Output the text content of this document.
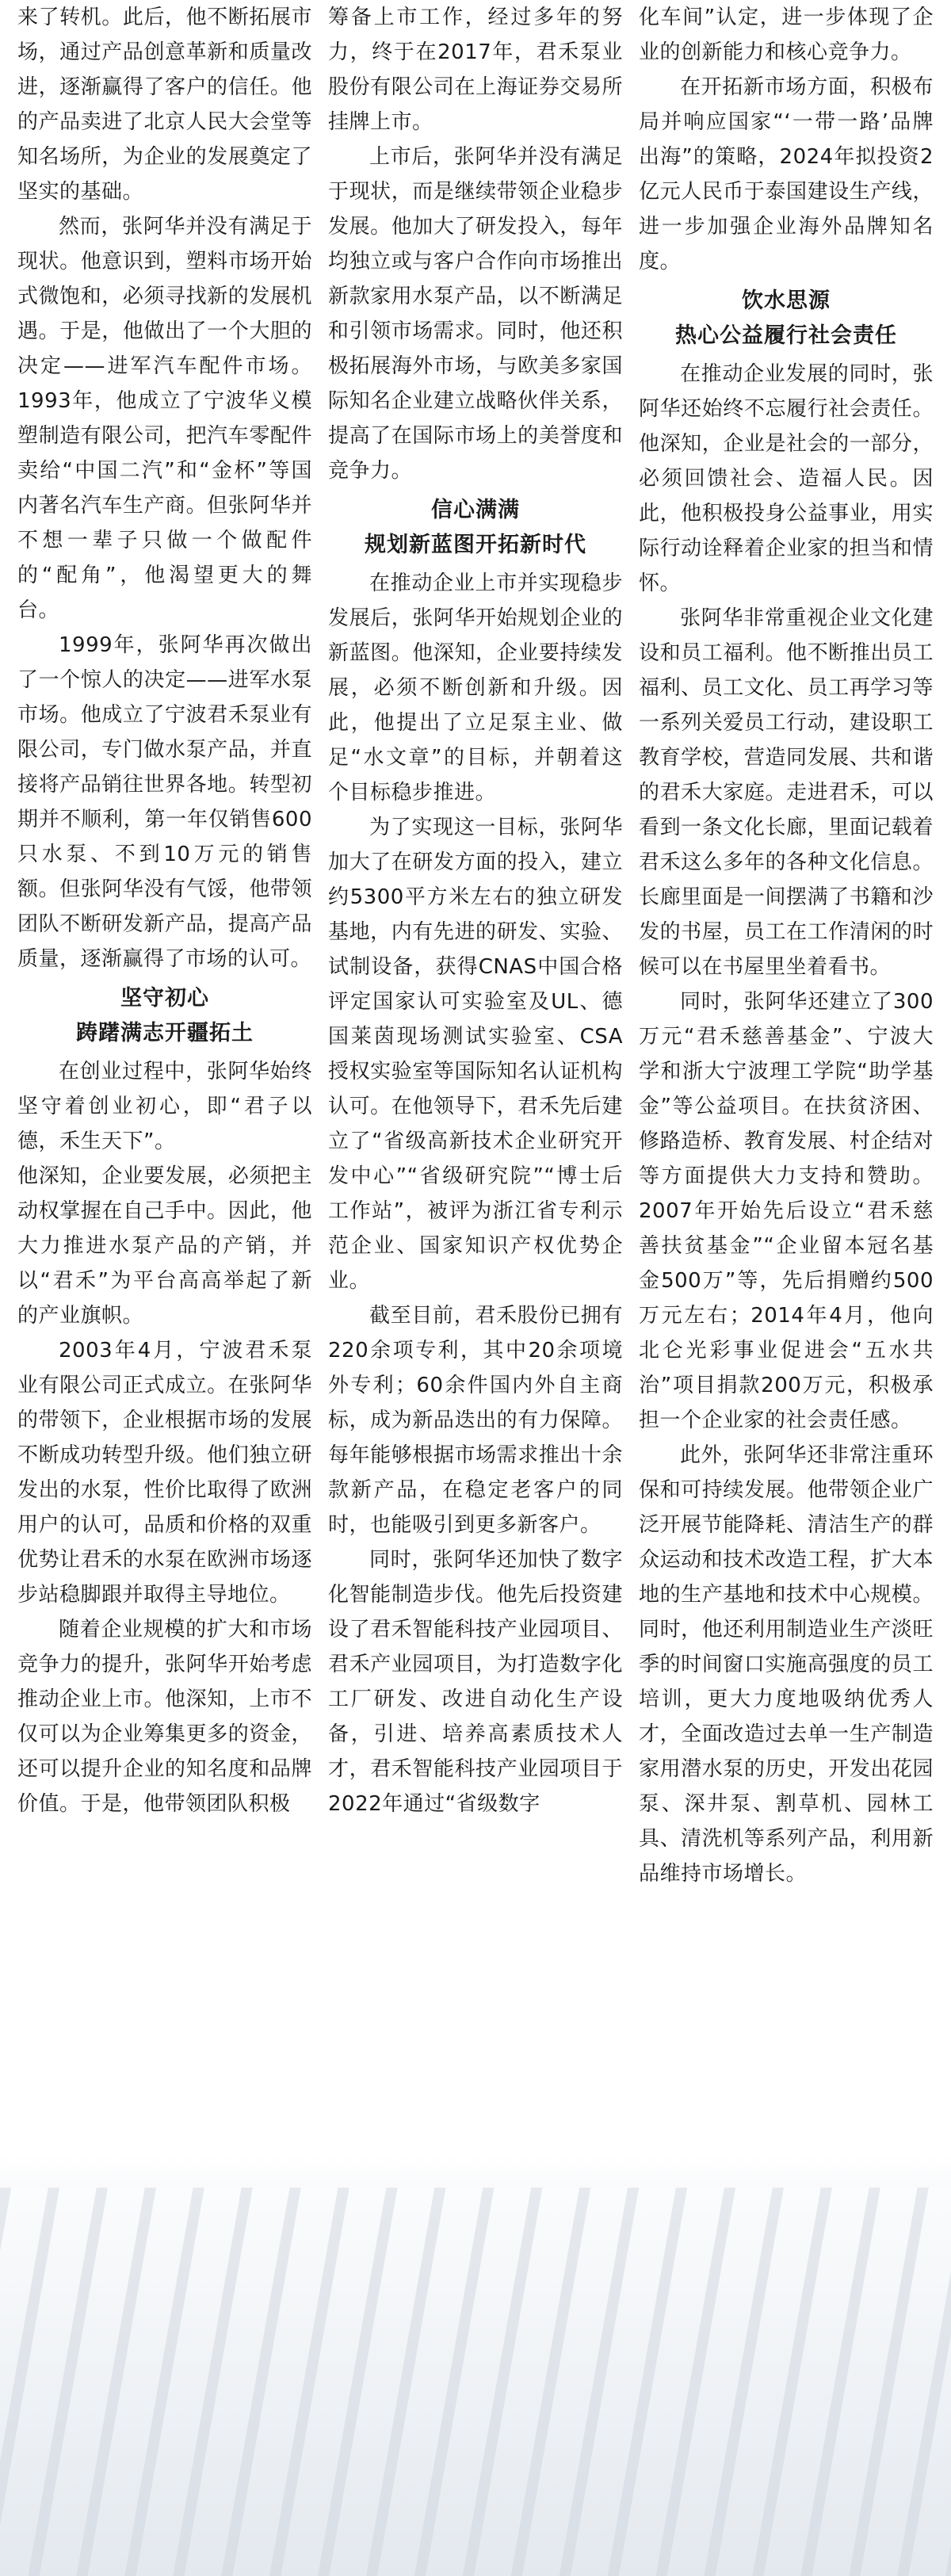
来了转机。此后，他不断拓展市场，通过产品创意革新和质量改进，逐渐赢得了客户的信任。他的产品卖进了北京人民大会堂等知名场所，为企业的发展奠定了坚实的基础。

然而，张阿华并没有满足于现状。他意识到，塑料市场开始式微饱和，必须寻找新的发展机遇。于是，他做出了一个大胆的决定——进军汽车配件市场。1993年，他成立了宁波华义模塑制造有限公司，把汽车零配件卖给“中国二汽”和“金杯”等国内著名汽车生产商。但张阿华并不想一辈子只做一个做配件的“配角”，他渴望更大的舞台。

1999年，张阿华再次做出了一个惊人的决定——进军水泵市场。他成立了宁波君禾泵业有限公司，专门做水泵产品，并直接将产品销往世界各地。转型初期并不顺利，第一年仅销售600只水泵、不到10万元的销售额。但张阿华没有气馁，他带领团队不断研发新产品，提高产品质量，逐渐赢得了市场的认可。

坚守初心
踌躇满志开疆拓土

在创业过程中，张阿华始终坚守着创业初心，即“君子以德，禾生天下”。

他深知，企业要发展，必须把主动权掌握在自己手中。因此，他大力推进水泵产品的产销，并以“君禾”为平台高高举起了新的产业旗帜。

2003年4月，宁波君禾泵业有限公司正式成立。在张阿华的带领下，企业根据市场的发展不断成功转型升级。他们独立研发出的水泵，性价比取得了欧洲用户的认可，品质和价格的双重优势让君禾的水泵在欧洲市场逐步站稳脚跟并取得主导地位。

随着企业规模的扩大和市场竞争力的提升，张阿华开始考虑推动企业上市。他深知，上市不仅可以为企业筹集更多的资金，还可以提升企业的知名度和品牌价值。于是，他带领团队积极

筹备上市工作，经过多年的努力，终于在2017年，君禾泵业股份有限公司在上海证券交易所挂牌上市。

上市后，张阿华并没有满足于现状，而是继续带领企业稳步发展。他加大了研发投入，每年均独立或与客户合作向市场推出新款家用水泵产品，以不断满足和引领市场需求。同时，他还积极拓展海外市场，与欧美多家国际知名企业建立战略伙伴关系，提高了在国际市场上的美誉度和竞争力。

信心满满
规划新蓝图开拓新时代

在推动企业上市并实现稳步发展后，张阿华开始规划企业的新蓝图。他深知，企业要持续发展，必须不断创新和升级。因此，他提出了立足泵主业、做足“水文章”的目标，并朝着这个目标稳步推进。

为了实现这一目标，张阿华加大了在研发方面的投入，建立约5300平方米左右的独立研发基地，内有先进的研发、实验、试制设备，获得CNAS中国合格评定国家认可实验室及UL、德国莱茵现场测试实验室、CSA授权实验室等国际知名认证机构认可。在他领导下，君禾先后建立了“省级高新技术企业研究开发中心”“省级研究院”“博士后工作站”，被评为浙江省专利示范企业、国家知识产权优势企业。

截至目前，君禾股份已拥有220余项专利，其中20余项境外专利；60余件国内外自主商标，成为新品迭出的有力保障。每年能够根据市场需求推出十余款新产品，在稳定老客户的同时，也能吸引到更多新客户。

同时，张阿华还加快了数字化智能制造步伐。他先后投资建设了君禾智能科技产业园项目、君禾产业园项目，为打造数字化工厂研发、改进自动化生产设备，引进、培养高素质技术人才，君禾智能科技产业园项目于2022年通过“省级数字

化车间”认定，进一步体现了企业的创新能力和核心竞争力。

在开拓新市场方面，积极布局并响应国家“‘一带一路’品牌出海”的策略，2024年拟投资2亿元人民币于泰国建设生产线，进一步加强企业海外品牌知名度。

饮水思源
热心公益履行社会责任

在推动企业发展的同时，张阿华还始终不忘履行社会责任。他深知，企业是社会的一部分，必须回馈社会、造福人民。因此，他积极投身公益事业，用实际行动诠释着企业家的担当和情怀。

张阿华非常重视企业文化建设和员工福利。他不断推出员工福利、员工文化、员工再学习等一系列关爱员工行动，建设职工教育学校，营造同发展、共和谐的君禾大家庭。走进君禾，可以看到一条文化长廊，里面记载着君禾这么多年的各种文化信息。长廊里面是一间摆满了书籍和沙发的书屋，员工在工作清闲的时候可以在书屋里坐着看书。

同时，张阿华还建立了300万元“君禾慈善基金”、宁波大学和浙大宁波理工学院“助学基金”等公益项目。在扶贫济困、修路造桥、教育发展、村企结对等方面提供大力支持和赞助。2007年开始先后设立“君禾慈善扶贫基金”“企业留本冠名基金500万”等，先后捐赠约500万元左右；2014年4月，他向北仑光彩事业促进会“五水共治”项目捐款200万元，积极承担一个企业家的社会责任感。

此外，张阿华还非常注重环保和可持续发展。他带领企业广泛开展节能降耗、清洁生产的群众运动和技术改造工程，扩大本地的生产基地和技术中心规模。同时，他还利用制造业生产淡旺季的时间窗口实施高强度的员工培训，更大力度地吸纳优秀人才，全面改造过去单一生产制造家用潜水泵的历史，开发出花园泵、深井泵、割草机、园林工具、清洗机等系列产品，利用新品维持市场增长。
